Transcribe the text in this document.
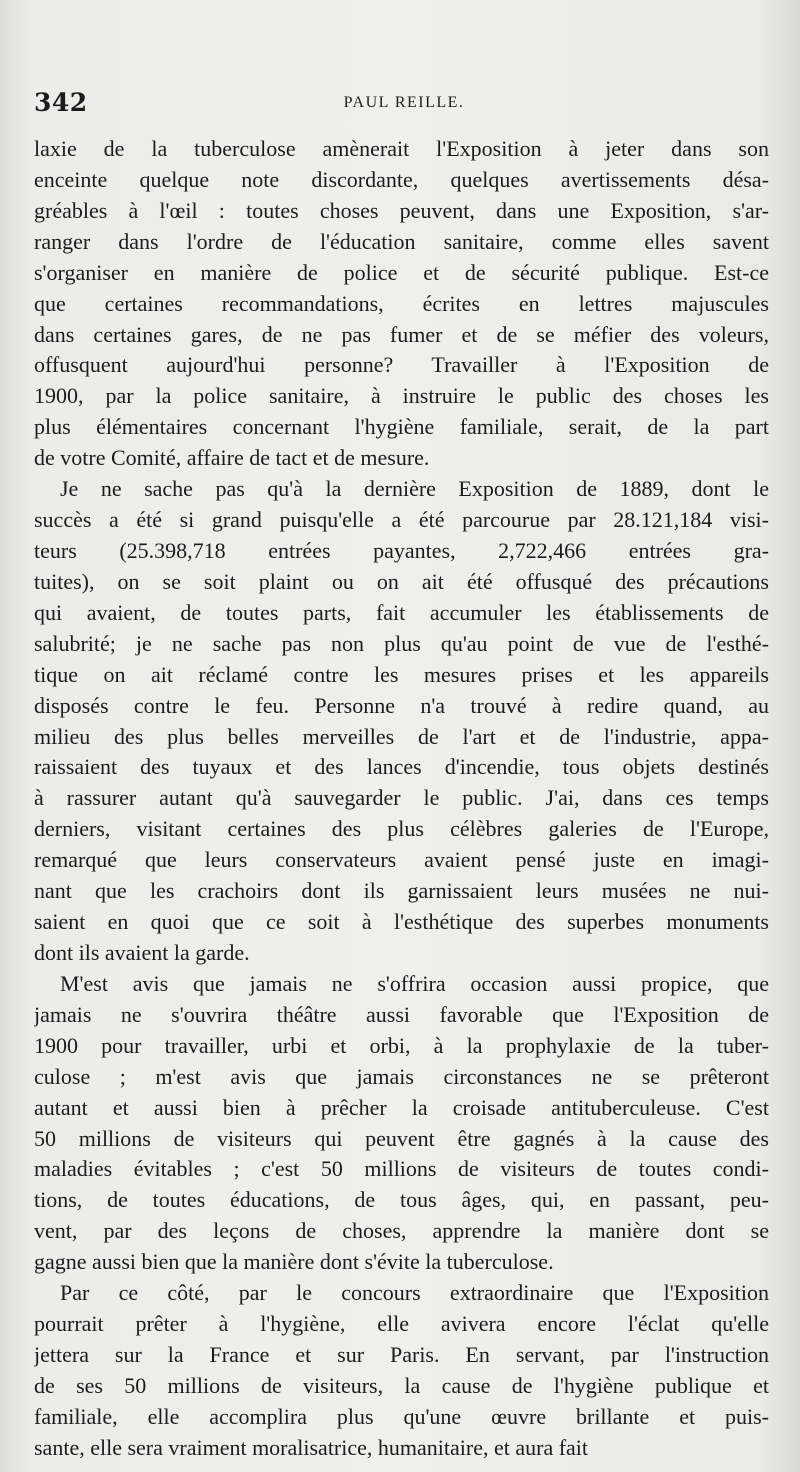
342	PAUL REILLE.
laxie de la tuberculose amènerait l'Exposition à jeter dans son
enceinte quelque note discordante, quelques avertissements désa-
gréables à l'œil : toutes choses peuvent, dans une Exposition, s'ar-
ranger dans l'ordre de l'éducation sanitaire, comme elles savent
s'organiser en manière de police et de sécurité publique. Est-ce
que certaines recommandations, écrites en lettres majuscules
dans certaines gares, de ne pas fumer et de se méfier des voleurs,
offusquent aujourd'hui personne? Travailler à l'Exposition de
1900, par la police sanitaire, à instruire le public des choses les
plus élémentaires concernant l'hygiène familiale, serait, de la part
de votre Comité, affaire de tact et de mesure.
Je ne sache pas qu'à la dernière Exposition de 1889, dont le
succès a été si grand puisqu'elle a été parcourue par 28.121,184 visi-
teurs (25.398,718 entrées payantes, 2,722,466 entrées gra-
tuites), on se soit plaint ou on ait été offusqué des précautions
qui avaient, de toutes parts, fait accumuler les établissements de
salubrité; je ne sache pas non plus qu'au point de vue de l'esthé-
tique on ait réclamé contre les mesures prises et les appareils
disposés contre le feu. Personne n'a trouvé à redire quand, au
milieu des plus belles merveilles de l'art et de l'industrie, appa-
raissaient des tuyaux et des lances d'incendie, tous objets destinés
à rassurer autant qu'à sauvegarder le public. J'ai, dans ces temps
derniers, visitant certaines des plus célèbres galeries de l'Europe,
remarqué que leurs conservateurs avaient pensé juste en imagi-
nant que les crachoirs dont ils garnissaient leurs musées ne nui-
saient en quoi que ce soit à l'esthétique des superbes monuments
dont ils avaient la garde.
M'est avis que jamais ne s'offrira occasion aussi propice, que
jamais ne s'ouvrira théâtre aussi favorable que l'Exposition de
1900 pour travailler, urbi et orbi, à la prophylaxie de la tuber-
culose ; m'est avis que jamais circonstances ne se prêteront
autant et aussi bien à prêcher la croisade antituberculeuse. C'est
50 millions de visiteurs qui peuvent être gagnés à la cause des
maladies évitables ; c'est 50 millions de visiteurs de toutes condi-
tions, de toutes éducations, de tous âges, qui, en passant, peu-
vent, par des leçons de choses, apprendre la manière dont se
gagne aussi bien que la manière dont s'évite la tuberculose.
Par ce côté, par le concours extraordinaire que l'Exposition
pourrait prêter à l'hygiène, elle avivera encore l'éclat qu'elle
jettera sur la France et sur Paris. En servant, par l'instruction
de ses 50 millions de visiteurs, la cause de l'hygiène publique et
familiale, elle accomplira plus qu'une œuvre brillante et puis-
sante, elle sera vraiment moralisatrice, humanitaire, et aura fait
